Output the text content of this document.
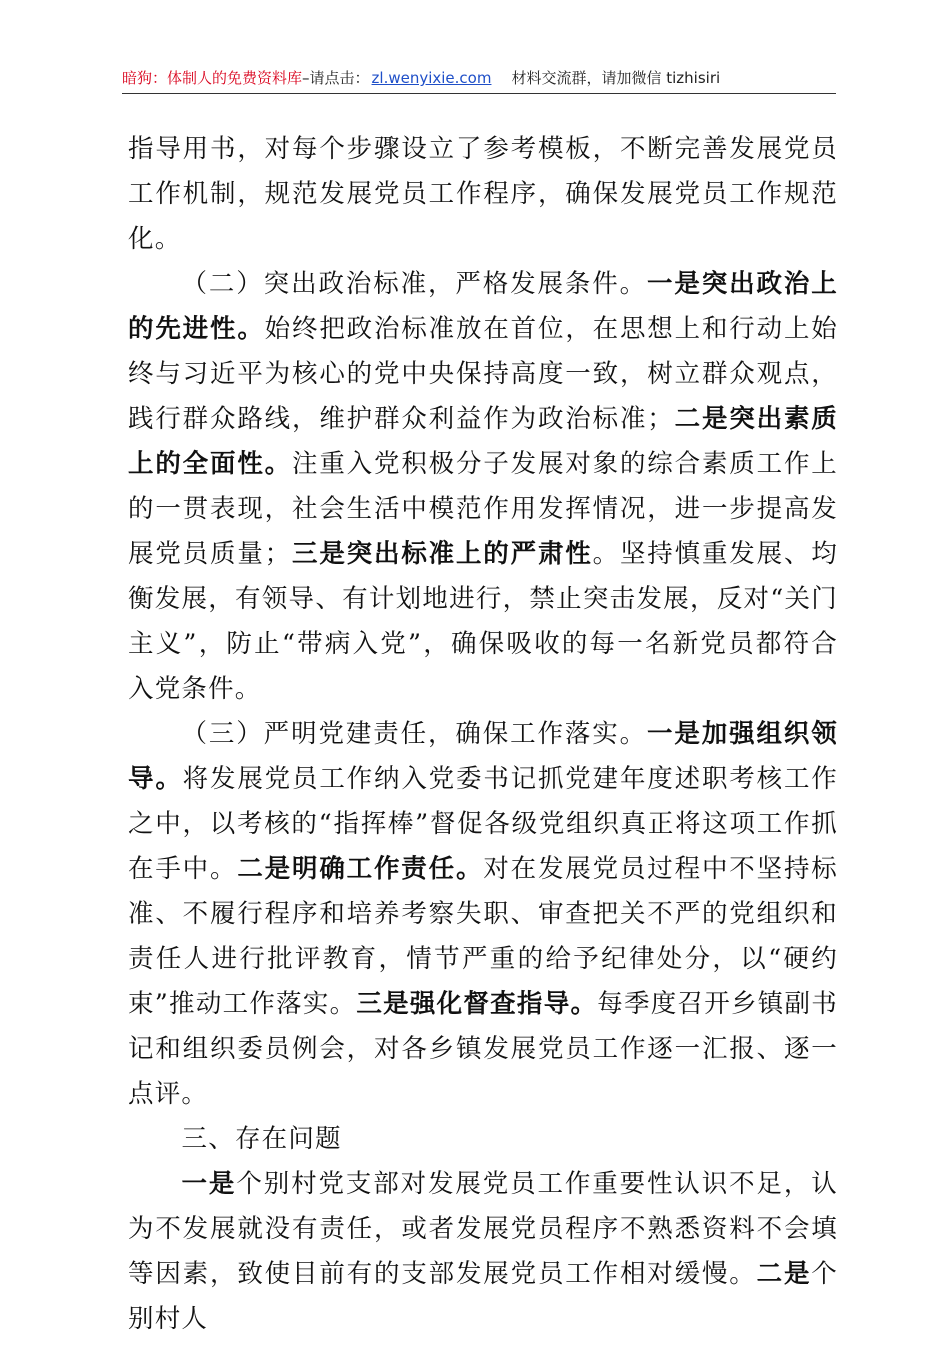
暗狗：体制人的免费资料库–请点击： zl.wenyixie.com 材料交流群，请加微信 tizhisiri

指导用书，对每个步骤设立了参考模板，不断完善发展党员工作机制，规范发展党员工作程序，确保发展党员工作规范化。

（二）突出政治标准，严格发展条件。一是突出政治上的先进性。始终把政治标准放在首位，在思想上和行动上始终与习近平为核心的党中央保持高度一致，树立群众观点，践行群众路线，维护群众利益作为政治标准；二是突出素质上的全面性。注重入党积极分子发展对象的综合素质工作上的一贯表现，社会生活中模范作用发挥情况，进一步提高发展党员质量；三是突出标准上的严肃性。坚持慎重发展、均衡发展，有领导、有计划地进行，禁止突击发展，反对“关门主义”，防止“带病入党”，确保吸收的每一名新党员都符合入党条件。

（三）严明党建责任，确保工作落实。一是加强组织领导。将发展党员工作纳入党委书记抓党建年度述职考核工作之中，以考核的“指挥棒”督促各级党组织真正将这项工作抓在手中。二是明确工作责任。对在发展党员过程中不坚持标准、不履行程序和培养考察失职、审查把关不严的党组织和责任人进行批评教育，情节严重的给予纪律处分，以“硬约束”推动工作落实。三是强化督查指导。每季度召开乡镇副书记和组织委员例会，对各乡镇发展党员工作逐一汇报、逐一点评。

三、存在问题

一是个别村党支部对发展党员工作重要性认识不足，认为不发展就没有责任，或者发展党员程序不熟悉资料不会填等因素，致使目前有的支部发展党员工作相对缓慢。二是个别村人
